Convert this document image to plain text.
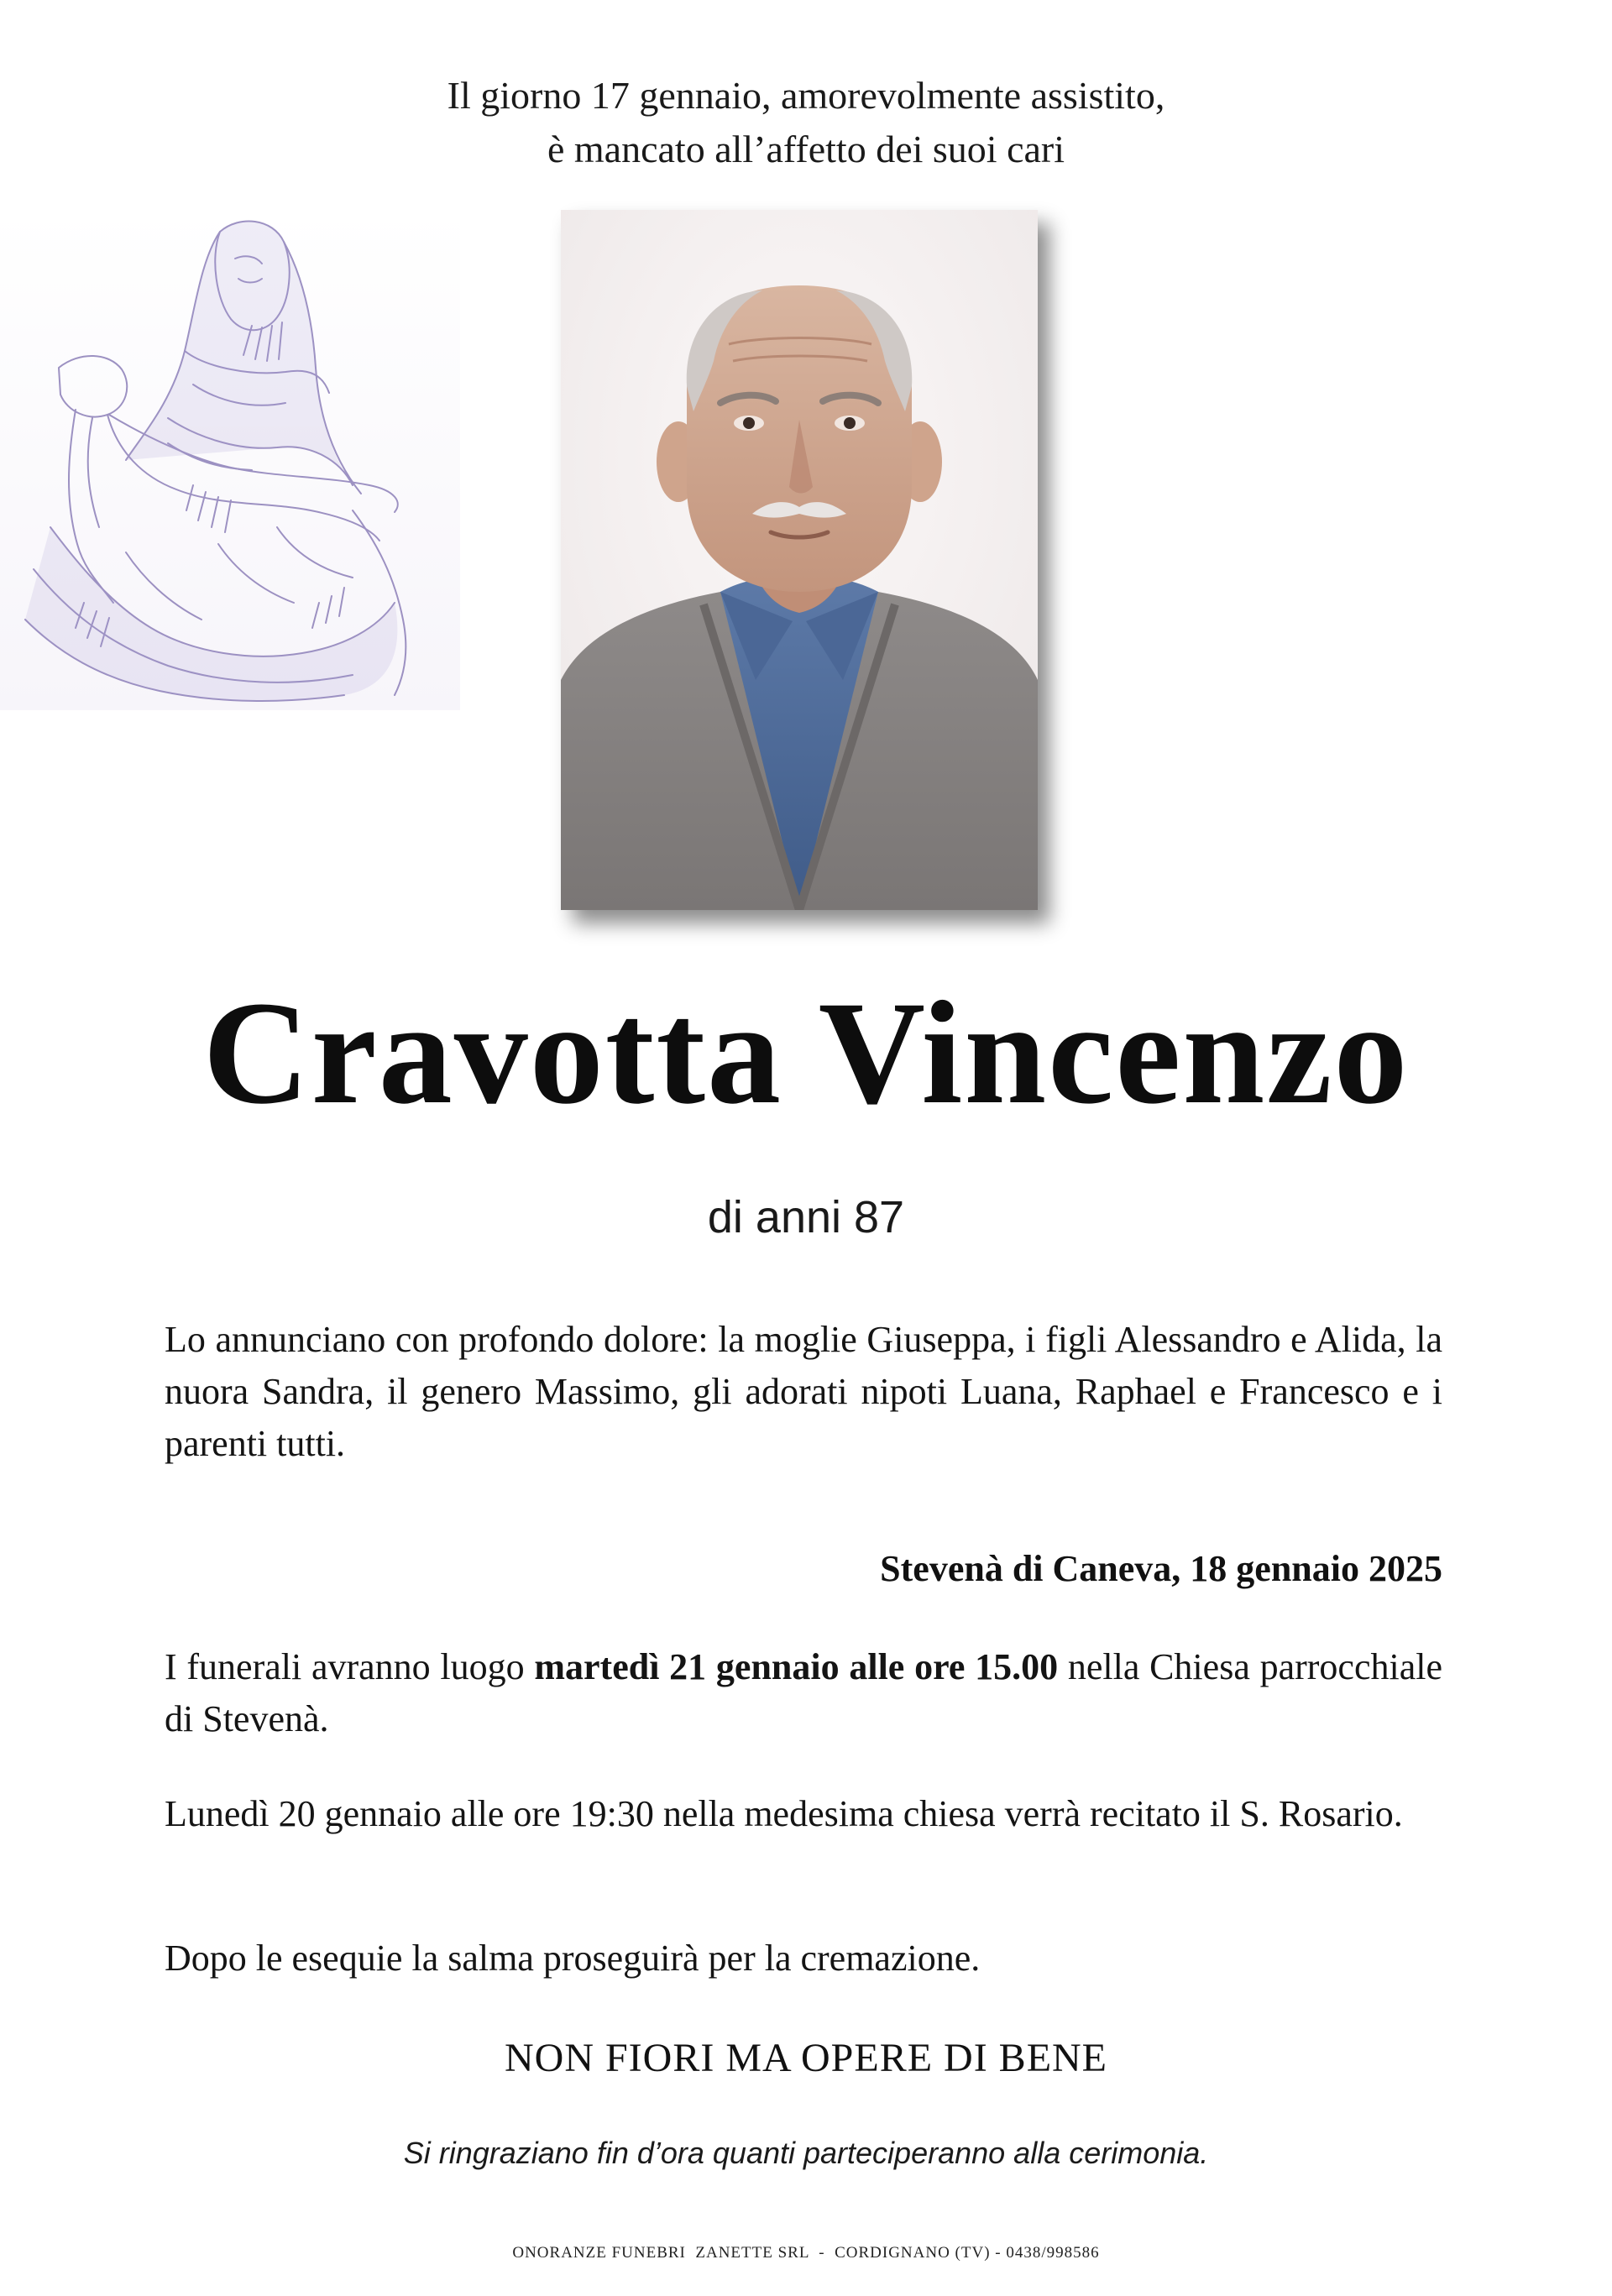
Il giorno 17 gennaio, amorevolmente assistito,
è mancato all’affetto dei suoi cari
Cravotta Vincenzo
di anni 87
Lo annunciano con profondo dolore: la moglie Giuseppa, i figli Alessandro e Alida, la nuora Sandra, il genero Massimo, gli adorati nipoti Luana, Raphael e Francesco e i parenti tutti.
Stevenà di Caneva, 18 gennaio 2025
I funerali avranno luogo martedì 21 gennaio alle ore 15.00 nella Chiesa parrocchiale di Stevenà.
Lunedì 20 gennaio alle ore 19:30 nella medesima chiesa verrà recitato il S. Rosario.
Dopo le esequie la salma proseguirà per la cremazione.
NON FIORI MA OPERE DI BENE
Si ringraziano fin d’ora quanti parteciperanno alla cerimonia.
ONORANZE FUNEBRI  ZANETTE SRL  -  CORDIGNANO (TV) - 0438/998586
